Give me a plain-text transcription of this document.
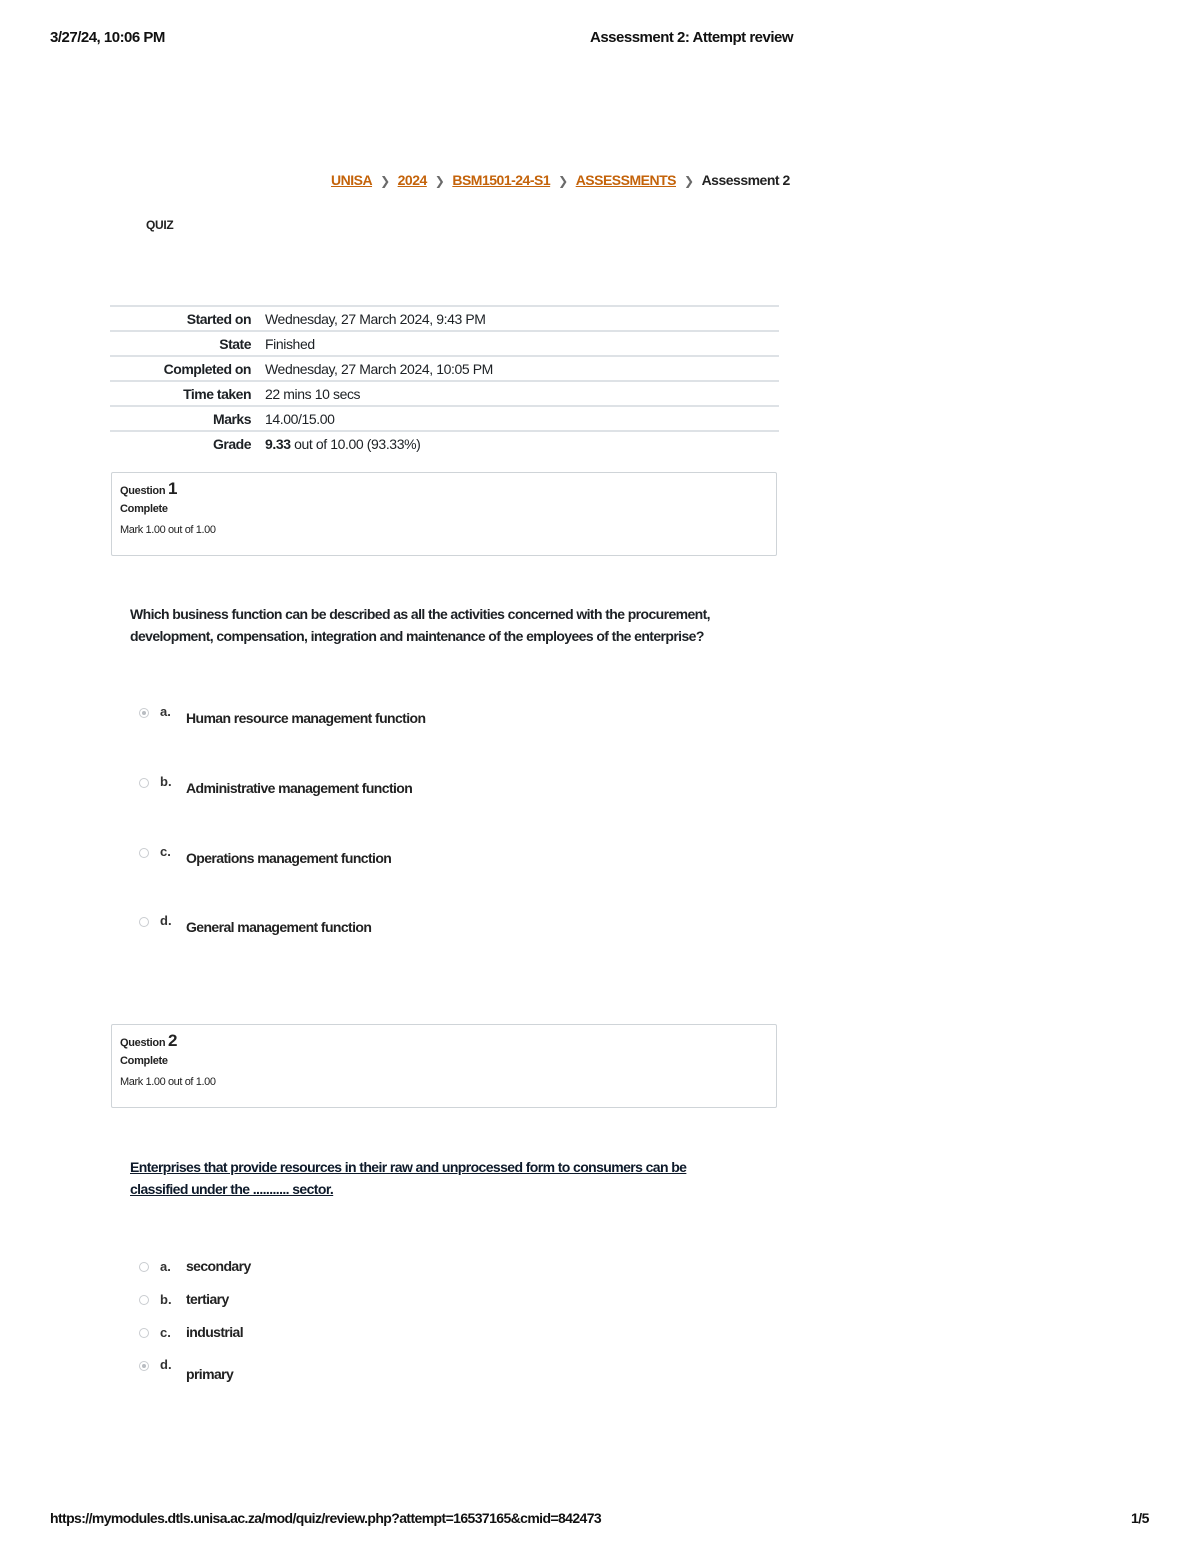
3/27/24, 10:06 PM	Assessment 2: Attempt review
UNISA ❯ 2024 ❯ BSM1501-24-S1 ❯ ASSESSMENTS ❯ Assessment 2
QUIZ
Started on	Wednesday, 27 March 2024, 9:43 PM
State	Finished
Completed on	Wednesday, 27 March 2024, 10:05 PM
Time taken	22 mins 10 secs
Marks	14.00/15.00
Grade	9.33 out of 10.00 (93.33%)
Question 1
Complete
Mark 1.00 out of 1.00
Which business function can be described as all the activities concerned with the procurement, development, compensation, integration and maintenance of the employees of the enterprise?
a. Human resource management function
b. Administrative management function
c. Operations management function
d. General management function
Question 2
Complete
Mark 1.00 out of 1.00
Enterprises that provide resources in their raw and unprocessed form to consumers can be classified under the ........... sector.
a. secondary
b. tertiary
c. industrial
d.
primary
https://mymodules.dtls.unisa.ac.za/mod/quiz/review.php?attempt=16537165&cmid=842473	1/5
